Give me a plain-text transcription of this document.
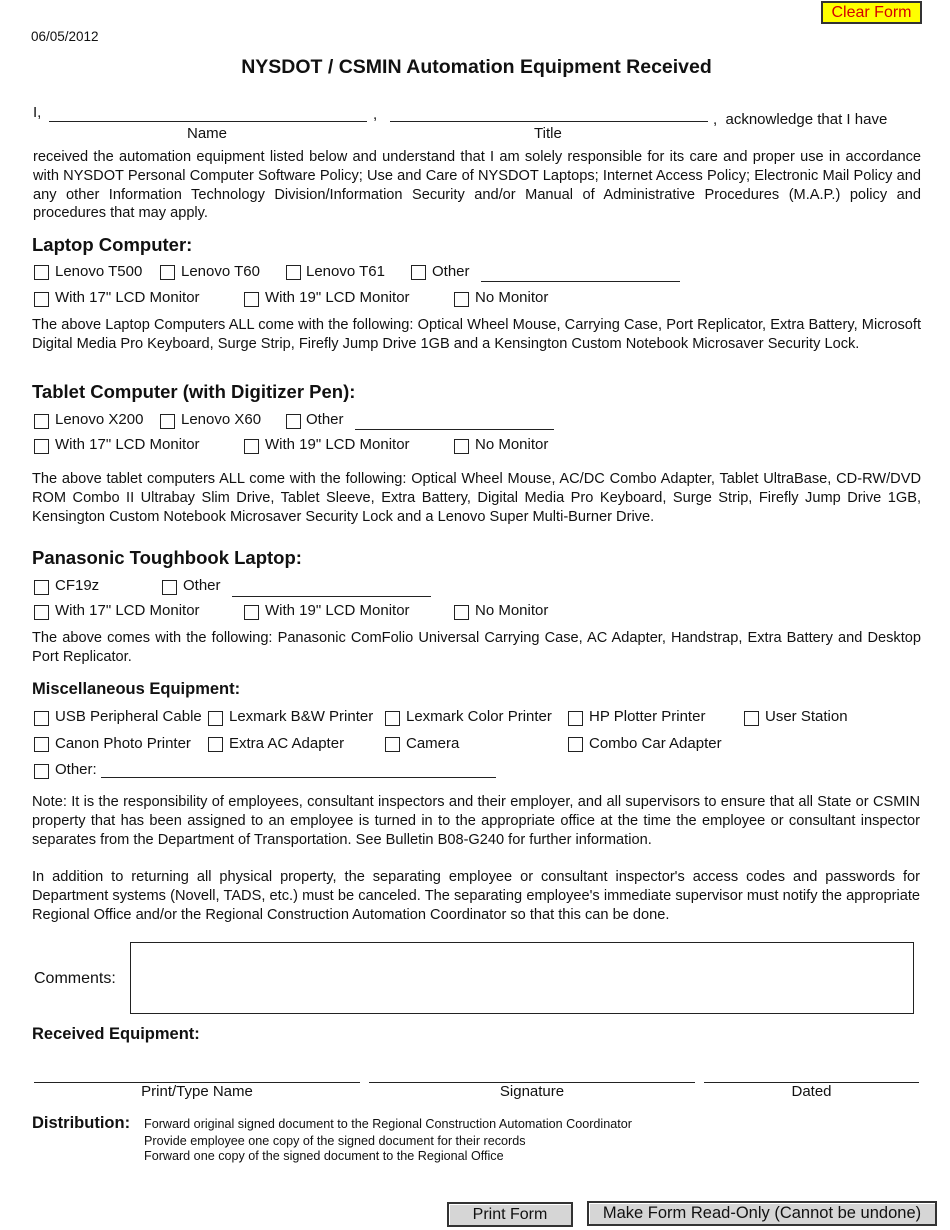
06/05/2012
Clear Form
NYSDOT / CSMIN Automation Equipment Received
I,	,	,  acknowledge that I have
Name	Title
received the automation equipment listed below and understand that I am solely responsible for its care and proper use in accordance with NYSDOT Personal Computer Software Policy; Use and Care of NYSDOT Laptops; Internet Access Policy; Electronic Mail Policy and any other Information Technology Division/Information Security and/or Manual of Administrative Procedures (M.A.P.) policy and procedures that may apply.
Laptop Computer:
Lenovo T500	Lenovo T60	Lenovo T61	Other
With 17" LCD Monitor	With 19" LCD Monitor	No Monitor
The above Laptop Computers ALL come with the following: Optical Wheel Mouse, Carrying Case, Port Replicator, Extra Battery, Microsoft Digital Media Pro Keyboard, Surge Strip, Firefly Jump Drive 1GB and a Kensington Custom Notebook Microsaver Security Lock.
Tablet Computer (with Digitizer Pen):
Lenovo X200	Lenovo X60	Other
With 17" LCD Monitor	With 19" LCD Monitor	No Monitor
The above tablet computers ALL come with the following: Optical Wheel Mouse, AC/DC Combo Adapter, Tablet UltraBase, CD-RW/DVD ROM Combo II Ultrabay Slim Drive, Tablet Sleeve, Extra Battery, Digital Media Pro Keyboard, Surge Strip, Firefly Jump Drive 1GB, Kensington Custom Notebook Microsaver Security Lock and a Lenovo Super Multi-Burner Drive.
Panasonic Toughbook Laptop:
CF19z	Other
With 17" LCD Monitor	With 19" LCD Monitor	No Monitor
The above comes with the following: Panasonic ComFolio Universal Carrying Case, AC Adapter, Handstrap, Extra Battery and Desktop Port Replicator.
Miscellaneous Equipment:
USB Peripheral Cable Lexmark B&W Printer Lexmark Color Printer HP Plotter Printer	User Station
Canon Photo Printer	Extra AC Adapter	Camera	Combo Car Adapter
Other:
Note: It is the responsibility of employees, consultant inspectors and their employer, and all supervisors to ensure that all State or CSMIN property that has been assigned to an employee is turned in to the appropriate office at the time the employee or consultant inspector separates from the Department of Transportation. See Bulletin B08-G240 for further information.
In addition to returning all physical property, the separating employee or consultant inspector's access codes and passwords for Department systems (Novell, TADS, etc.) must be canceled. The separating employee's immediate supervisor must notify the appropriate Regional Office and/or the Regional Construction Automation Coordinator so that this can be done.
Comments:
Received Equipment:
Print/Type Name	Signature	Dated
Distribution: Forward original signed document to the Regional Construction Automation Coordinator
Provide employee one copy of the signed document for their records
Forward one copy of the signed document to the Regional Office
Print Form	Make Form Read-Only (Cannot be undone)
